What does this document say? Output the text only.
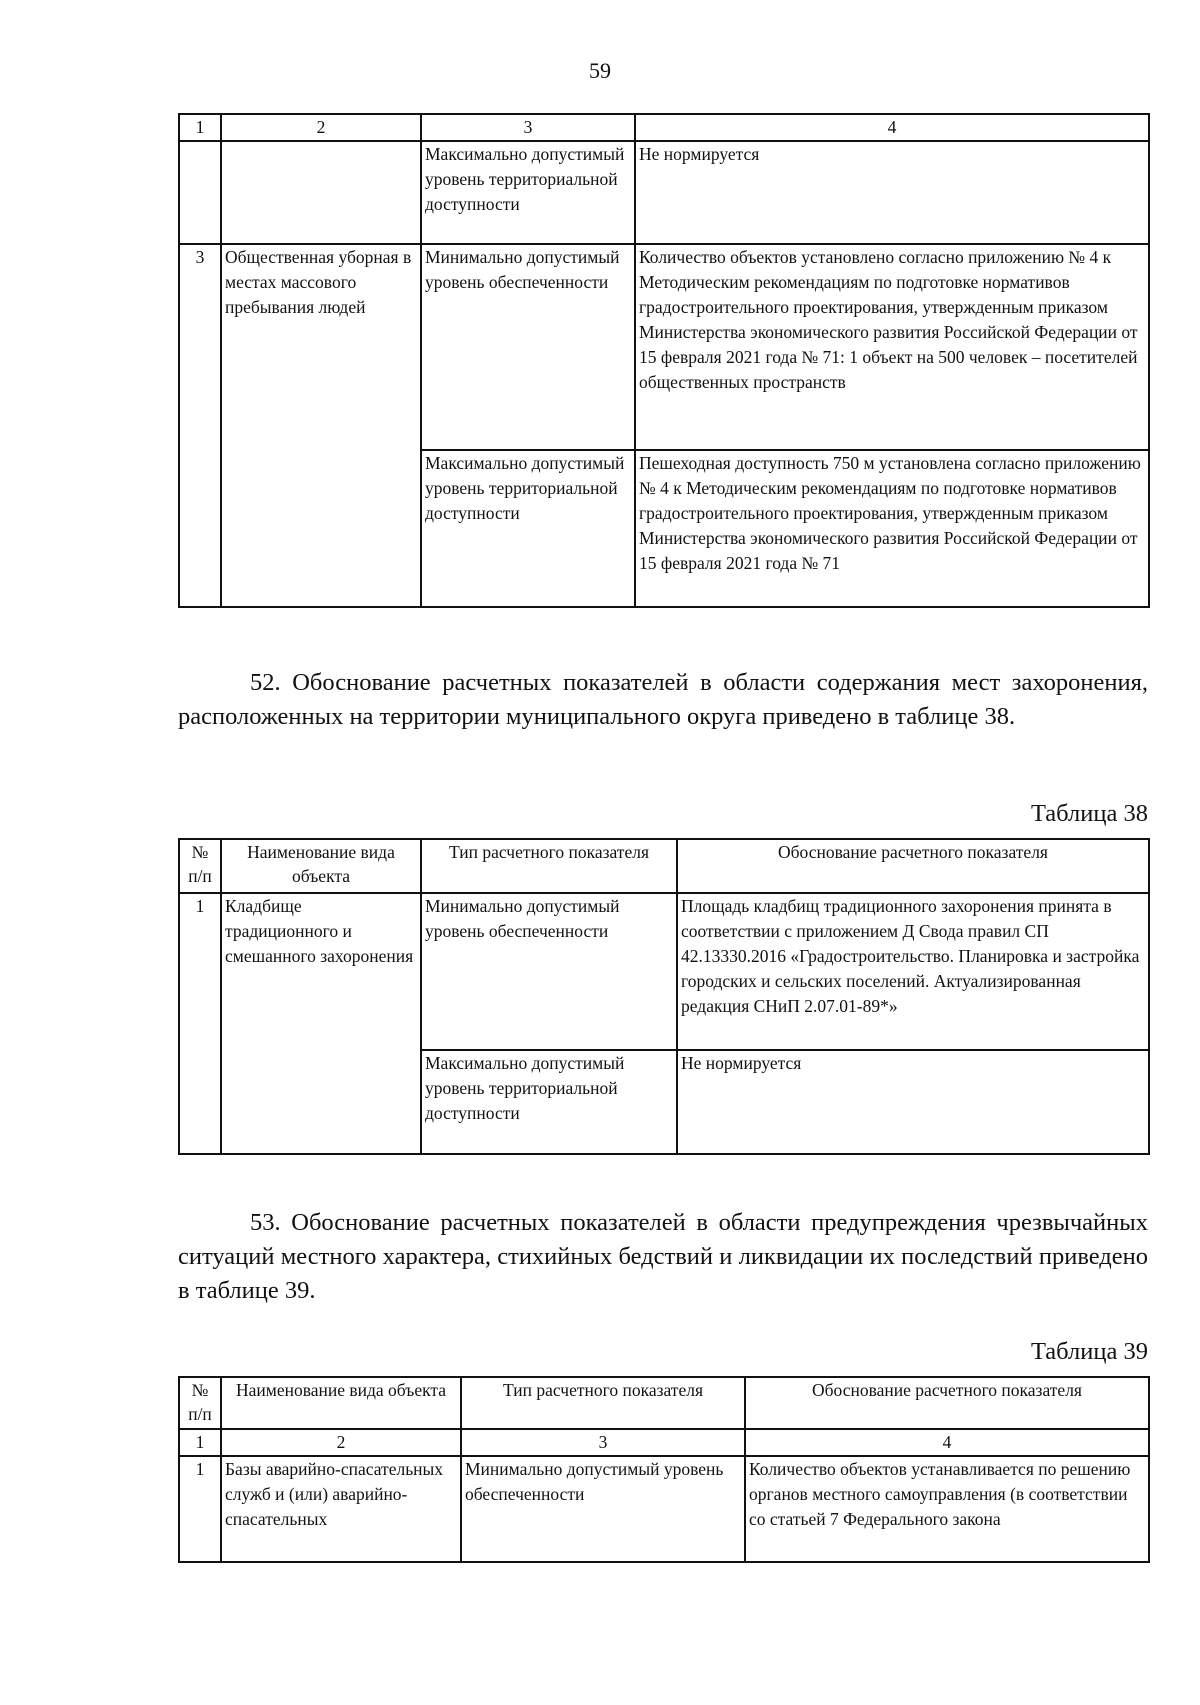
59
1	2	3	4
		Максимально допустимый уровень территориальной доступности	Не нормируется
3	Общественная уборная в местах массового пребывания людей	Минимально допустимый уровень обеспеченности	Количество объектов установлено согласно приложению № 4 к Методическим рекомендациям по подготовке нормативов градостроительного проектирования, утвержденным приказом Министерства экономического развития Российской Федерации от 15 февраля 2021 года № 71: 1 объект на 500 человек – посетителей общественных пространств
		Максимально допустимый уровень территориальной доступности	Пешеходная доступность 750 м установлена согласно приложению № 4 к Методическим рекомендациям по подготовке нормативов градостроительного проектирования, утвержденным приказом Министерства экономического развития Российской Федерации от 15 февраля 2021 года № 71
52. Обоснование расчетных показателей в области содержания мест захоронения, расположенных на территории муниципального округа приведено в таблице 38.
Таблица 38
№ п/п	Наименование вида объекта	Тип расчетного показателя	Обоснование расчетного показателя
1	Кладбище традиционного и смешанного захоронения	Минимально допустимый уровень обеспеченности	Площадь кладбищ традиционного захоронения принята в соответствии с приложением Д Свода правил СП 42.13330.2016 «Градостроительство. Планировка и застройка городских и сельских поселений. Актуализированная редакция СНиП 2.07.01-89*»
		Максимально допустимый уровень территориальной доступности	Не нормируется
53. Обоснование расчетных показателей в области предупреждения чрезвычайных ситуаций местного характера, стихийных бедствий и ликвидации их последствий приведено в таблице 39.
Таблица 39
№ п/п	Наименование вида объекта	Тип расчетного показателя	Обоснование расчетного показателя
1	2	3	4
1	Базы аварийно-спасательных служб и (или) аварийно-спасательных	Минимально допустимый уровень обеспеченности	Количество объектов устанавливается по решению органов местного самоуправления (в соответствии со статьей 7 Федерального закона
